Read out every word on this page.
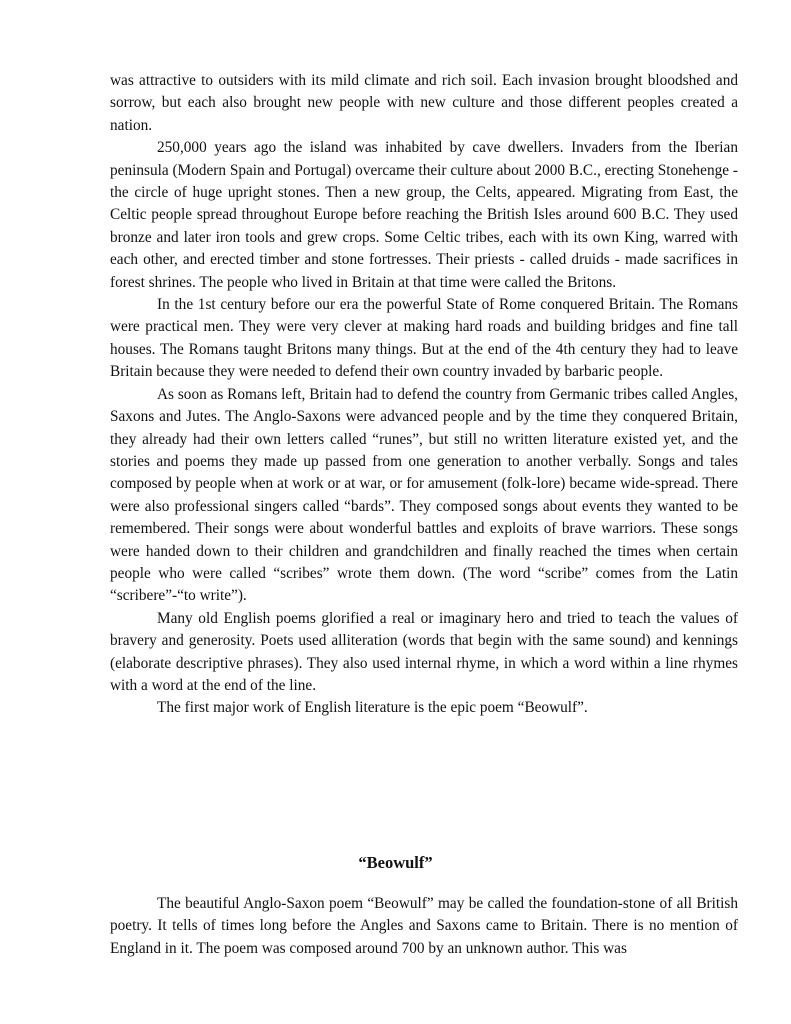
was attractive to outsiders with its mild climate and rich soil. Each invasion brought bloodshed and sorrow, but each also brought new people with new culture and those different peoples created a nation.

250,000 years ago the island was inhabited by cave dwellers. Invaders from the Iberian peninsula (Modern Spain and Portugal) overcame their culture about 2000 B.C., erecting Stonehenge - the circle of huge upright stones. Then a new group, the Celts, appeared. Migrating from East, the Celtic people spread throughout Europe before reaching the British Isles around 600 B.C. They used bronze and later iron tools and grew crops. Some Celtic tribes, each with its own King, warred with each other, and erected timber and stone fortresses. Their priests - called druids - made sacrifices in forest shrines. The people who lived in Britain at that time were called the Britons.

In the 1st century before our era the powerful State of Rome conquered Britain. The Romans were practical men. They were very clever at making hard roads and building bridges and fine tall houses. The Romans taught Britons many things. But at the end of the 4th century they had to leave Britain because they were needed to defend their own country invaded by barbaric people.

As soon as Romans left, Britain had to defend the country from Germanic tribes called Angles, Saxons and Jutes. The Anglo-Saxons were advanced people and by the time they conquered Britain, they already had their own letters called “runes”, but still no written literature existed yet, and the stories and poems they made up passed from one generation to another verbally. Songs and tales composed by people when at work or at war, or for amusement (folk-lore) became wide-spread. There were also professional singers called “bards”. They composed songs about events they wanted to be remembered. Their songs were about wonderful battles and exploits of brave warriors. These songs were handed down to their children and grandchildren and finally reached the times when certain people who were called “scribes” wrote them down. (The word “scribe” comes from the Latin “scribere”-“to write”).

Many old English poems glorified a real or imaginary hero and tried to teach the values of bravery and generosity. Poets used alliteration (words that begin with the same sound) and kennings (elaborate descriptive phrases). They also used internal rhyme, in which a word within a line rhymes with a word at the end of the line.

The first major work of English literature is the epic poem “Beowulf”.

“Beowulf”

The beautiful Anglo-Saxon poem “Beowulf” may be called the foundation-stone of all British poetry. It tells of times long before the Angles and Saxons came to Britain. There is no mention of England in it. The poem was composed around 700 by an unknown author. This was
